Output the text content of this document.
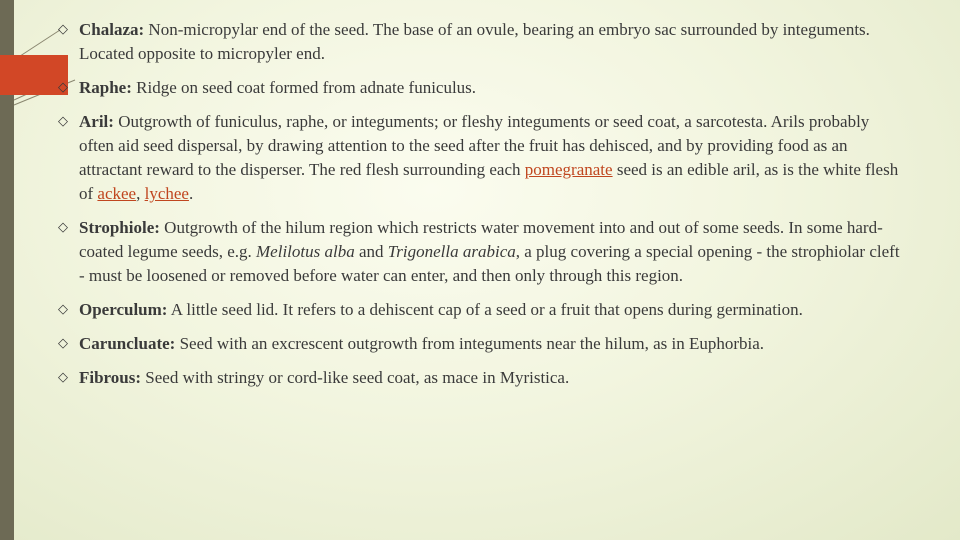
◇ Chalaza: Non-micropylar end of the seed. The base of an ovule, bearing an embryo sac surrounded by integuments. Located opposite to micropyler end.
◇ Raphe: Ridge on seed coat formed from adnate funiculus.
◇ Aril: Outgrowth of funiculus, raphe, or integuments; or fleshy integuments or seed coat, a sarcotesta. Arils probably often aid seed dispersal, by drawing attention to the seed after the fruit has dehisced, and by providing food as an attractant reward to the disperser. The red flesh surrounding each pomegranate seed is an edible aril, as is the white flesh of ackee, lychee.
◇ Strophiole: Outgrowth of the hilum region which restricts water movement into and out of some seeds. In some hard-coated legume seeds, e.g. Melilotus alba and Trigonella arabica, a plug covering a special opening - the strophiolar cleft - must be loosened or removed before water can enter, and then only through this region.
◇ Operculum: A little seed lid. It refers to a dehiscent cap of a seed or a fruit that opens during germination.
◇ Caruncluate: Seed with an excrescent outgrowth from integuments near the hilum, as in Euphorbia.
◇ Fibrous: Seed with stringy or cord-like seed coat, as mace in Myristica.
